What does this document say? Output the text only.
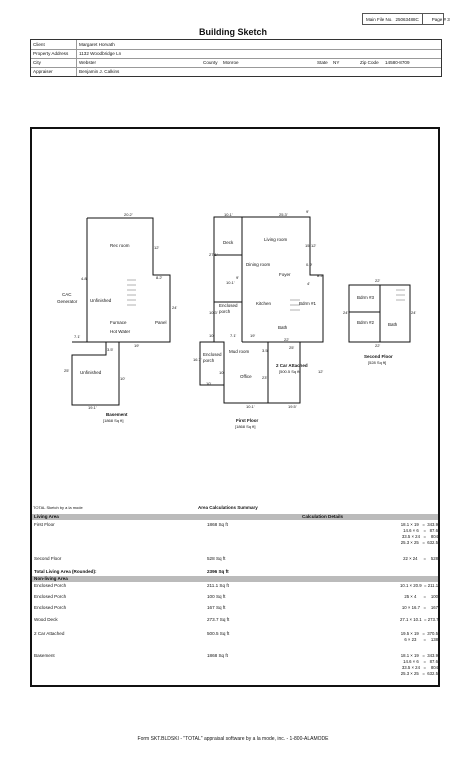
Main File No. 25063488C	Page # 3
Building Sketch
Client	Margaret Horvath
Property Address 1132 Woodbridge Ln
City	Webster	County Monroe	State NY	Zip Code 14580-8709
Appraiser	Benjamin J. Calkins
20.2'
12'
8.2'
24'
4.8'
7.1'
19'
3.5'
25'
19.1'
10'
Rec room
CAC
Generator	Unfinished
Furnace	Panel
Hot Water
Unfinished
Basement
[1868 Sq ft]
10.1'	25.3'
9'
27.1'
10.1'
15'
0.9'
12'
8.2'
4'
9'
10.3'
10'	7.1'	19'
16.7'
10'
3.5'
22'
25'
10'
12'
10.1'	19.5'
23'
Deck
Living room
Dining room
Foyer
Enclosed porch
Kitchen	Bdrm #1
Bath
Enclosed porch
Mud room
Office
2 Car Attached
[500.5 Sq ft]
First Floor
[1868 Sq ft]
22'
24'	24'
22'
Bdrm #3
Bdrm #2	Bath
Second Floor
[528 Sq ft]
TOTAL Sketch by a la mode	Area Calculations Summary
Living Area	Calculation Details
First Floor	1868 Sq ft	18.1 × 19   =  343.9
14.6 × 6    =   87.6
33.5 × 24   =    804
25.3 × 25   =  632.5
Second Floor	528 Sq ft	22 × 24     =    528
Total Living Area (Rounded):	2396 Sq ft
Non-living Area
Enclosed Porch	211.1 Sq ft	10.1 × 20.9  = 211.1
Enclosed Porch	100 Sq ft	25 × 4      =    100
Enclosed Porch	167 Sq ft	10 × 16.7   =    167
Wood Deck	273.7 Sq ft	27.1 × 10.1  = 273.7
2 Car Attached	500.5 Sq ft	19.5 × 19   =  370.5
6 × 23      =    138
Basement	1868 Sq ft	18.1 × 19   =  343.9
14.6 × 6    =   87.6
33.5 × 24   =    804
25.3 × 25   =  632.5
Form SKT.BLDSKI - "TOTAL" appraisal software by a la mode, inc. - 1-800-ALAMODE
